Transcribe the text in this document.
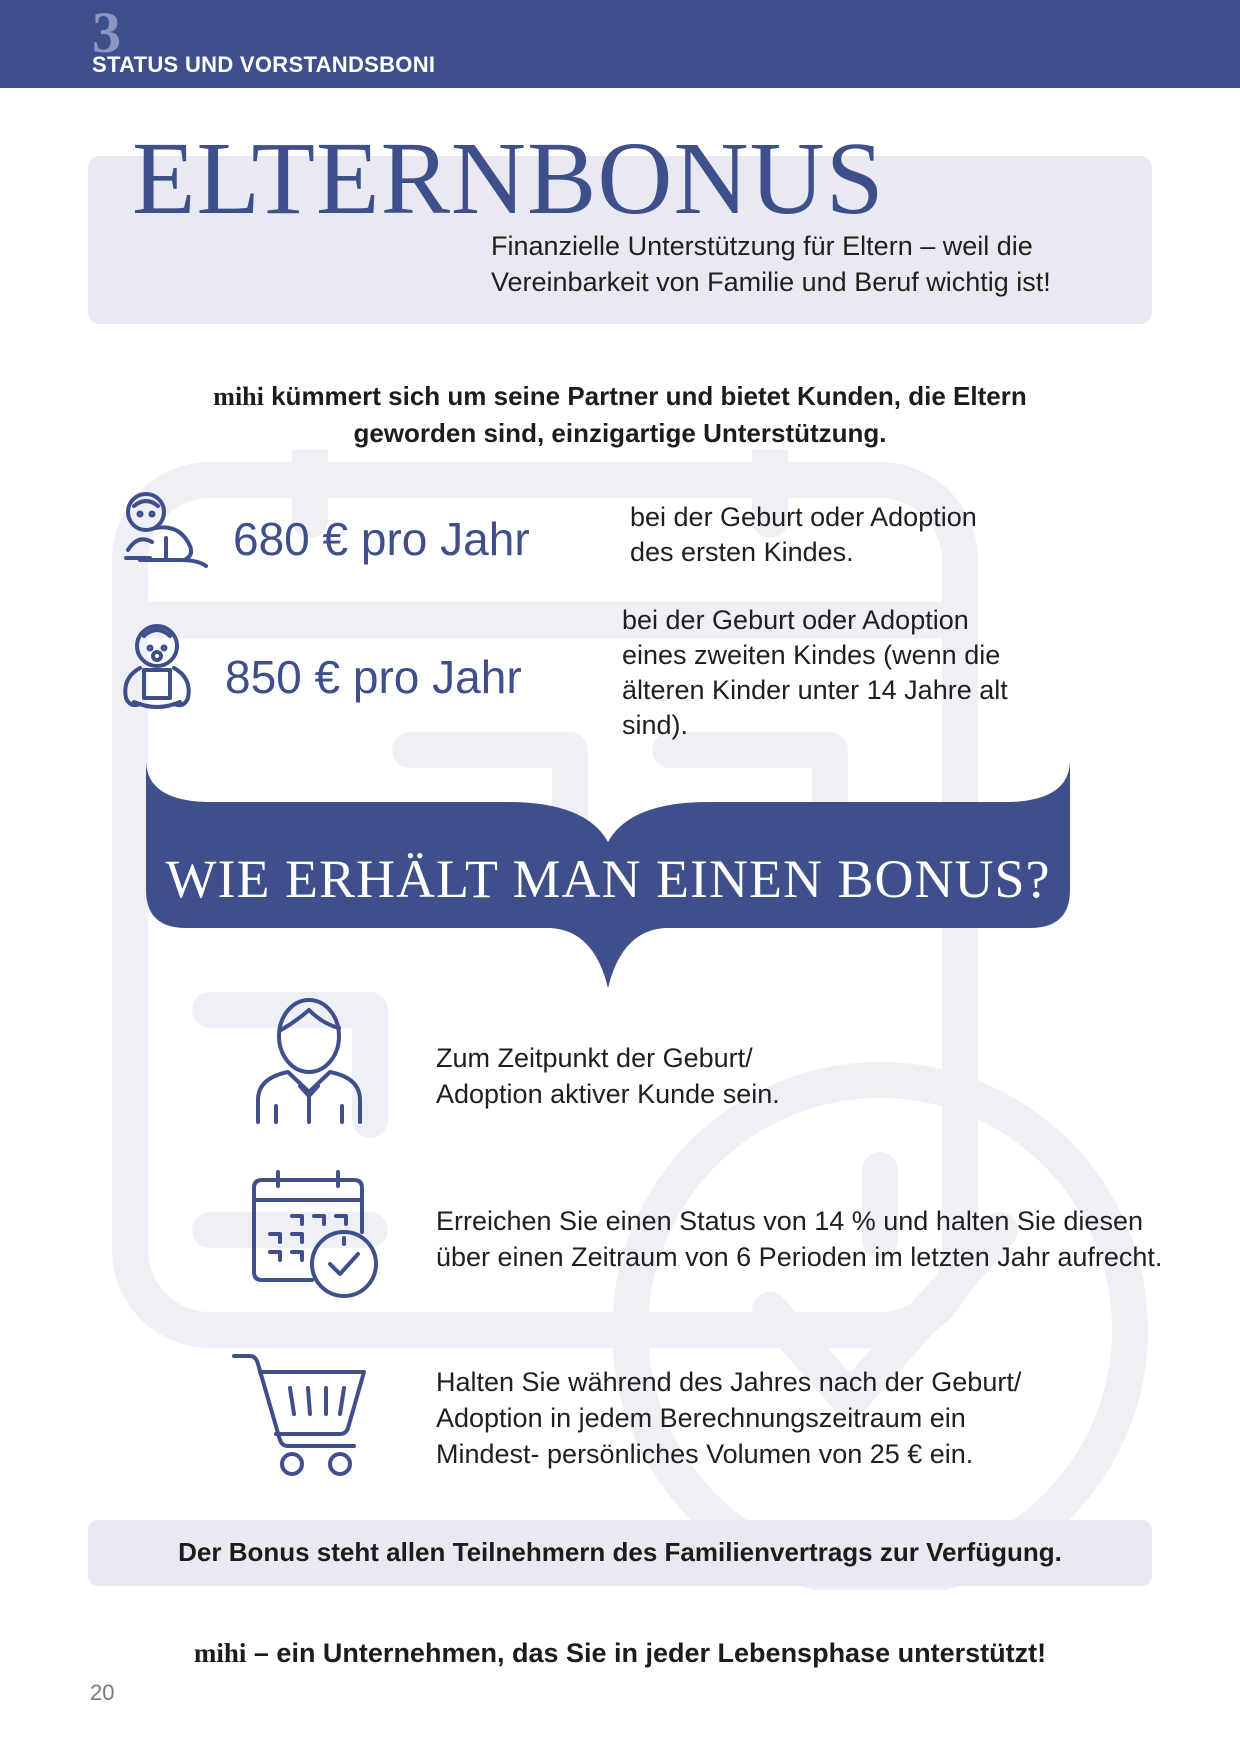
3
STATUS UND VORSTANDSBONI
ELTERNBONUS
Finanzielle Unterstützung für Eltern – weil die
Vereinbarkeit von Familie und Beruf wichtig ist!
mihi kümmert sich um seine Partner und bietet Kunden, die Eltern
geworden sind, einzigartige Unterstützung.
680 € pro Jahr	bei der Geburt oder Adoption
des ersten Kindes.
850 € pro Jahr
bei der Geburt oder Adoption
eines zweiten Kindes (wenn die
älteren Kinder unter 14 Jahre alt
sind).
WIE ERHÄLT MAN EINEN BONUS?
Zum Zeitpunkt der Geburt/
Adoption aktiver Kunde sein.
Erreichen Sie einen Status von 14 % und halten Sie diesen
über einen Zeitraum von 6 Perioden im letzten Jahr aufrecht.
Halten Sie während des Jahres nach der Geburt/
Adoption in jedem Berechnungszeitraum ein
Mindest- persönliches Volumen von 25 € ein.
Der Bonus steht allen Teilnehmern des Familienvertrags zur Verfügung.
mihi – ein Unternehmen, das Sie in jeder Lebensphase unterstützt!
20
